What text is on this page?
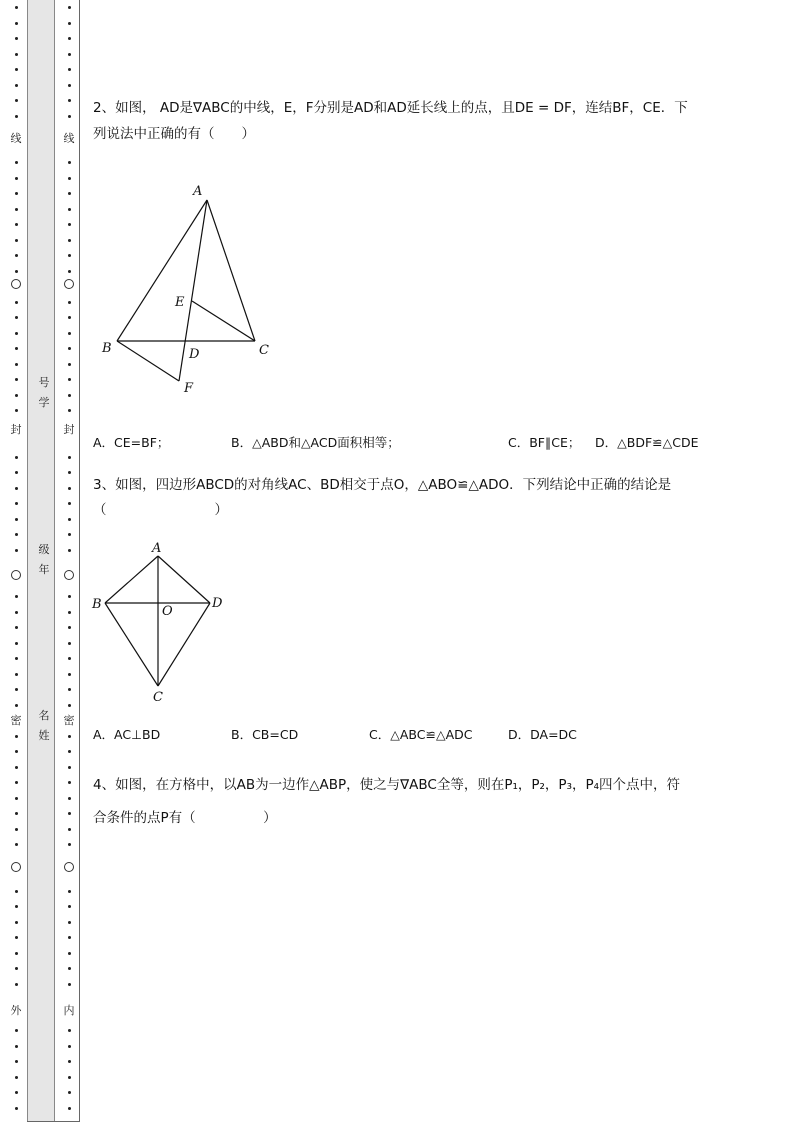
线
封
密
外
线
封
密
内
号
学
级
年
名
姓
2、如图， AD是∇ABC的中线，E，F分别是AD和AD延长线上的点，且DE = DF，连结BF，CE．下
列说法中正确的有（　　）
A
B	C
D
E
F
A．CE=BF；	B．△ABD和△ACD面积相等；	C．BF∥CE； D．△BDF≌△CDE
3、如图，四边形ABCD的对角线AC、BD相交于点O，△ABO≌△ADO．下列结论中正确的结论是
（　　　　　　　　）
A
B
C
D
O
A．AC⊥BD	B．CB=CD	C．△ABC≌△ADC	D．DA=DC
4、如图，在方格中，以AB为一边作△ABP，使之与∇ABC全等，则在P₁，P₂，P₃，P₄四个点中，符
合条件的点P有（　　　　　）
